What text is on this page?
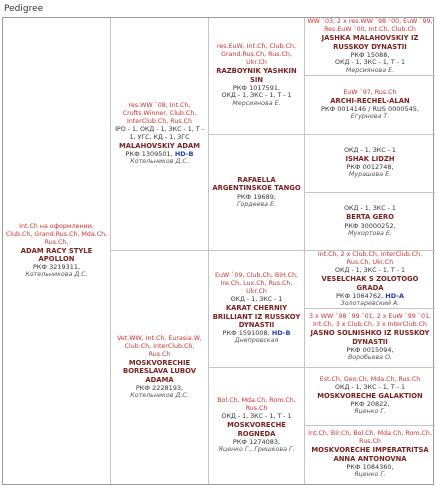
Pedigree
Int.Ch на оформлении, Club.Ch, Grand.Rus.Ch, Mda.Ch, Rus.Ch,
ADAM RACY STYLE APOLLON
РКФ 3219311,
Котельникова Д.С.
res.WW `08, Int.Ch, Crufts.Winner, Club.Ch, InterClub.Ch, Rus.Ch
IPO - 1, ОКД - 1, ЗКС - 1, Т - 1, УГС, КД - 1, ЗГС
MALAHOVSKIY ADAM
РКФ 1309501, HD-B
Котельников Д.С.
Vet.WW, Int.Ch, Eurasia.W, Club.Ch, InterClub.Ch, Rus.Ch
MOSKVORECHIE BORESLAVA LUBOV ADAMA
РКФ 2228193,
Котельников Д.С.
res.EuW, Int.Ch, Club.Ch, Grand.Rus.Ch, Rus.Ch, Ukr.Ch
RAZBOYNIK YASHKIN SIN
РКФ 1017591,
ОКД - 1, ЗКС - 1, Т - 1
Мерсиянова Е.
RAFAELLA ARGENTINSKOE TANGO
РКФ 19689,
Гордеева Е.
EuW `09, Club.Ch, BiH.Ch, Ire.Ch, Lux.Ch, Rus.Ch, Ukr.Ch
ОКД - 1, ЗКС - 1
KARAT CHERNIY BRILLIANT IZ RUSSKOY DYNASTII
РКФ 1591008, HD-B
Днепровская
Bol.Ch, Mda.Ch, Rom.Ch, Rus.Ch
ОКД - 1, ЗКС - 1, Т - 1
MOSKVORECHE ROGNEDA
РКФ 1274083,
Яценко Г., Гришкова Г.
WW `03, 2 x res.WW `98 `00, EuW `99, Res.EuW `00, Int.Ch, Club.Ch
JASHKA MALAHOVSKIY IZ RUSSKOY DYNASTII
РКФ 15088,
ОКД - 1, ЗКС - 1, Т - 1
Мерсиянова Е.
EuW `97, Rus.Ch
ARCHI-RECHEL-ALAN
РКФ 0014146 / RUS 0000545,
Егурнова Т.
ОКД - 1, ЗКС - 1
ISHAK LIDZH
РКФ 0012748,
Мурашова Е.
ОКД - 1, ЗКС - 1
BERTA GERO
РКФ 30000252,
Мухортова Е.
Int.Ch, 2 x Club.Ch, InterClub.Ch, Rus.Ch, Ukr.Ch
ОКД - 1, ЗКС - 1, Т - 1
VESELCHAK S ZOLOTOGO GRADA
РКФ 1064762, HD-A
Золотаревский А.
3 x WW `98 `99 `01, 2 x EuW `99 `01, Int.Ch, 3 x Club.Ch, 3 x InterClub.Ch
JASNO SOLNISHKO IZ RUSSKOY DYNASTII
РКФ 0015094,
Воробьева О.
Est.Ch, Geo.Ch, Mda.Ch, Rus.Ch
ОКД - 1, ЗКС - 1, Т - 1
MOSKVORECHE GALAKTION
РКФ 20822,
Яценко Г.
Int.Ch, Blr.Ch, Bol.Ch, Mda.Ch, Rom.Ch, Rus.Ch
MOSKVORECHE IMPERATRITSA ANNA ANTONOVNA
РКФ 1084360,
Яценко Г.
